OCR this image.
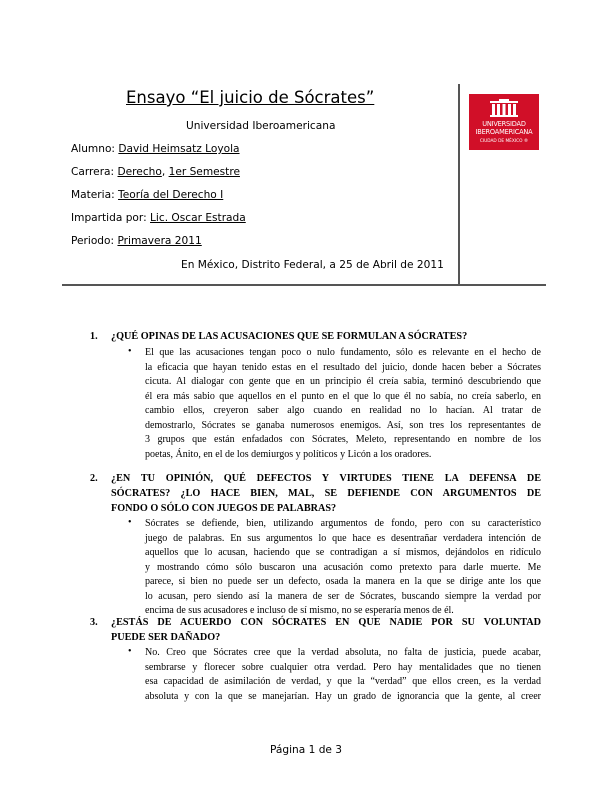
Ensayo “El juicio de Sócrates”
Universidad Iberoamericana
Alumno: David Heimsatz Loyola
Carrera: Derecho, 1er Semestre
Materia: Teoría del Derecho I
Impartida por: Lic. Oscar Estrada
Periodo: Primavera 2011
En México, Distrito Federal, a 25 de Abril de 2011
UNIVERSIDAD
IBEROAMERICANA
CIUDAD DE MÉXICO ®
1. ¿QUÉ OPINAS DE LAS ACUSACIONES QUE SE FORMULAN A SÓCRATES?
• El que las acusaciones tengan poco o nulo fundamento, sólo es relevante en el hecho de
la eficacia que hayan tenido estas en el resultado del juicio, donde hacen beber a Sócrates
cicuta. Al dialogar con gente que en un principio él creía sabia, terminó descubriendo que
él era más sabio que aquellos en el punto en el que lo que él no sabía, no creía saberlo, en
cambio ellos, creyeron saber algo cuando en realidad no lo hacían. Al tratar de
demostrarlo, Sócrates se ganaba numerosos enemigos. Así, son tres los representantes de
3 grupos que están enfadados con Sócrates, Meleto, representando en nombre de los
poetas, Ánito, en el de los demiurgos y políticos y Licón a los oradores.
2. ¿EN TU OPINIÓN, QUÉ DEFECTOS Y VIRTUDES TIENE LA DEFENSA DE
SÓCRATES? ¿LO HACE BIEN, MAL, SE DEFIENDE CON ARGUMENTOS DE
FONDO O SÓLO CON JUEGOS DE PALABRAS?
• Sócrates se defiende, bien, utilizando argumentos de fondo, pero con su característico
juego de palabras. En sus argumentos lo que hace es desentrañar verdadera intención de
aquellos que lo acusan, haciendo que se contradigan a sí mismos, dejándolos en ridículo
y mostrando cómo sólo buscaron una acusación como pretexto para darle muerte. Me
parece, si bien no puede ser un defecto, osada la manera en la que se dirige ante los que
lo acusan, pero siendo así la manera de ser de Sócrates, buscando siempre la verdad por
encima de sus acusadores e incluso de sí mismo, no se esperaría menos de él.
3. ¿ESTÁS DE ACUERDO CON SÓCRATES EN QUE NADIE POR SU VOLUNTAD
PUEDE SER DAÑADO?
• No. Creo que Sócrates cree que la verdad absoluta, no falta de justicia, puede acabar,
sembrarse y florecer sobre cualquier otra verdad. Pero hay mentalidades que no tienen
esa capacidad de asimilación de verdad, y que la “verdad” que ellos creen, es la verdad
absoluta y con la que se manejarían. Hay un grado de ignorancia que la gente, al creer
Página 1 de 3
